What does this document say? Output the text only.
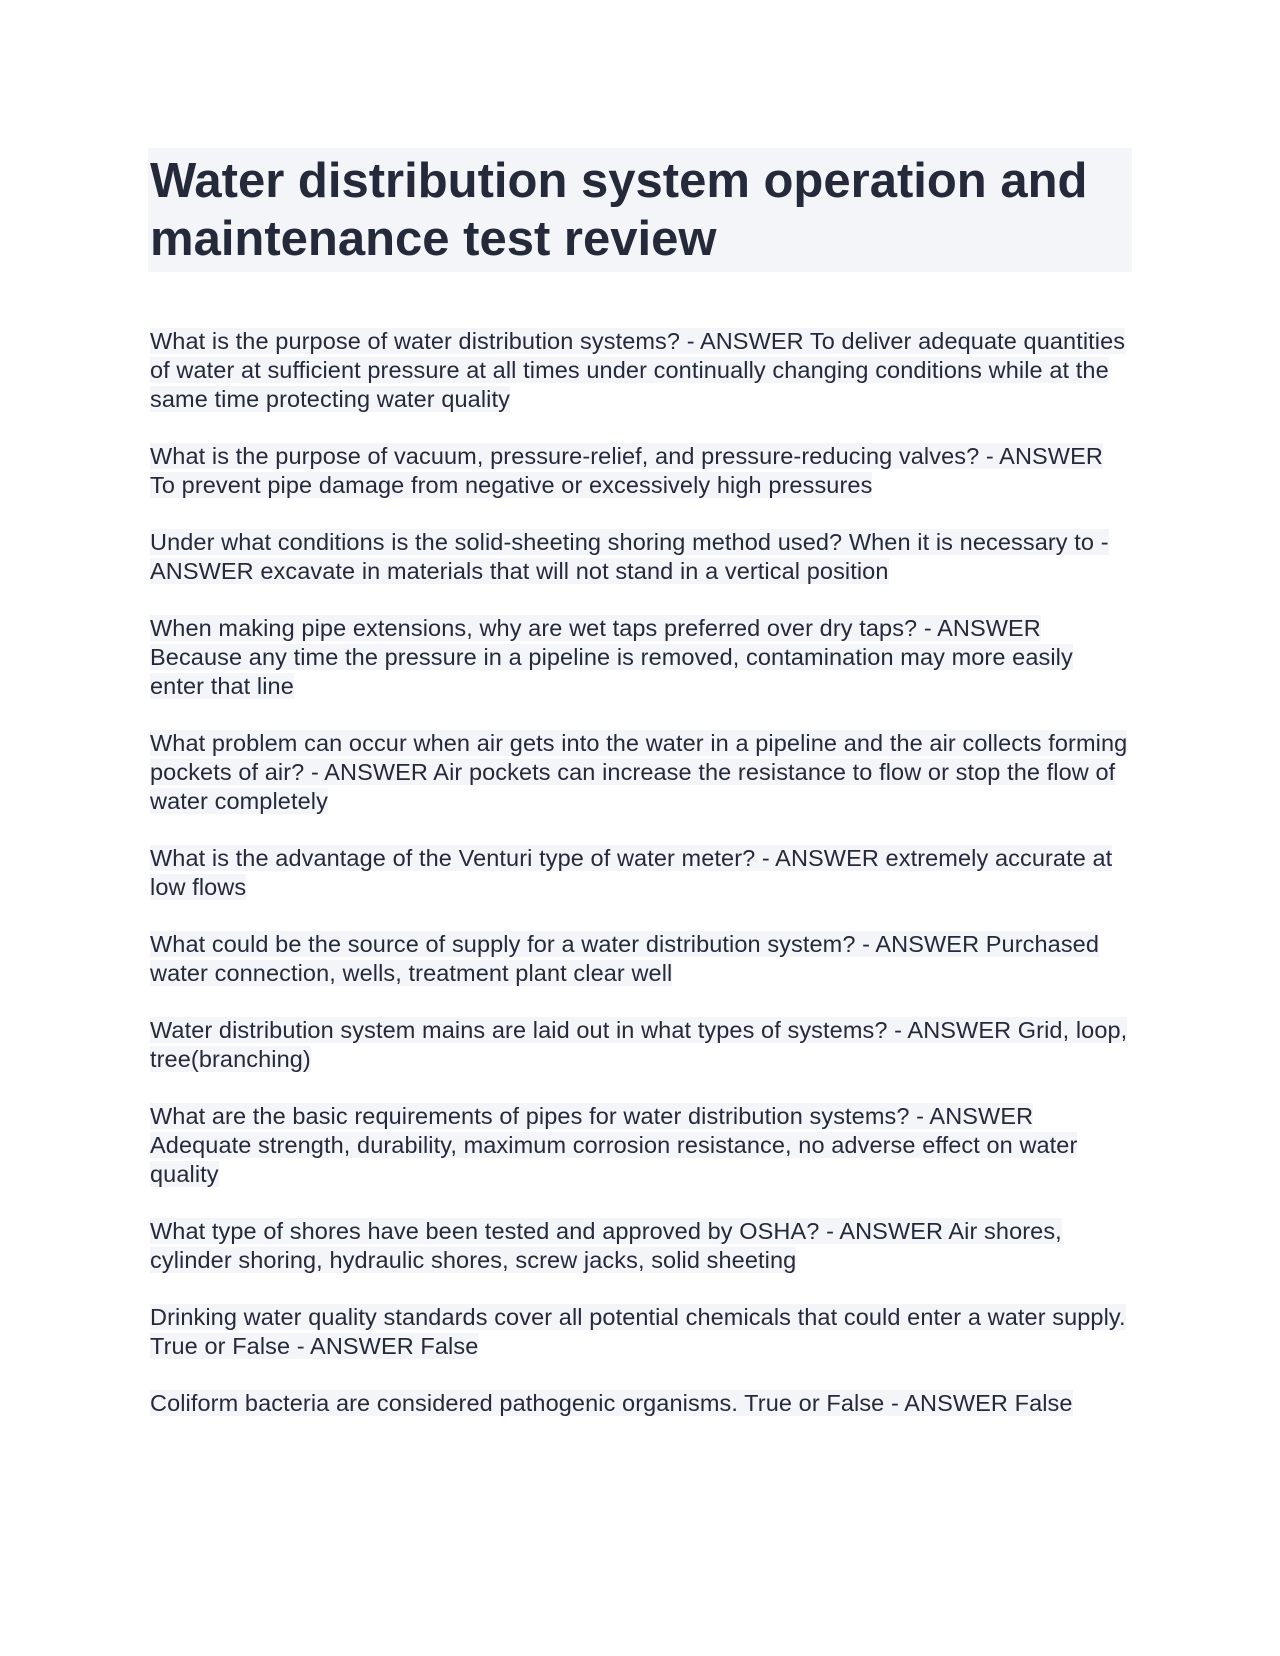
Water distribution system operation and maintenance test review

What is the purpose of water distribution systems? - ANSWER To deliver adequate quantities of water at sufficient pressure at all times under continually changing conditions while at the same time protecting water quality

What is the purpose of vacuum, pressure-relief, and pressure-reducing valves? - ANSWER To prevent pipe damage from negative or excessively high pressures

Under what conditions is the solid-sheeting shoring method used? When it is necessary to - ANSWER excavate in materials that will not stand in a vertical position

When making pipe extensions, why are wet taps preferred over dry taps? - ANSWER Because any time the pressure in a pipeline is removed, contamination may more easily enter that line

What problem can occur when air gets into the water in a pipeline and the air collects forming pockets of air? - ANSWER Air pockets can increase the resistance to flow or stop the flow of water completely

What is the advantage of the Venturi type of water meter? - ANSWER extremely accurate at low flows

What could be the source of supply for a water distribution system? - ANSWER Purchased water connection, wells, treatment plant clear well

Water distribution system mains are laid out in what types of systems? - ANSWER Grid, loop, tree(branching)

What are the basic requirements of pipes for water distribution systems? - ANSWER Adequate strength, durability, maximum corrosion resistance, no adverse effect on water quality

What type of shores have been tested and approved by OSHA? - ANSWER Air shores, cylinder shoring, hydraulic shores, screw jacks, solid sheeting

Drinking water quality standards cover all potential chemicals that could enter a water supply. True or False - ANSWER False

Coliform bacteria are considered pathogenic organisms. True or False - ANSWER False
